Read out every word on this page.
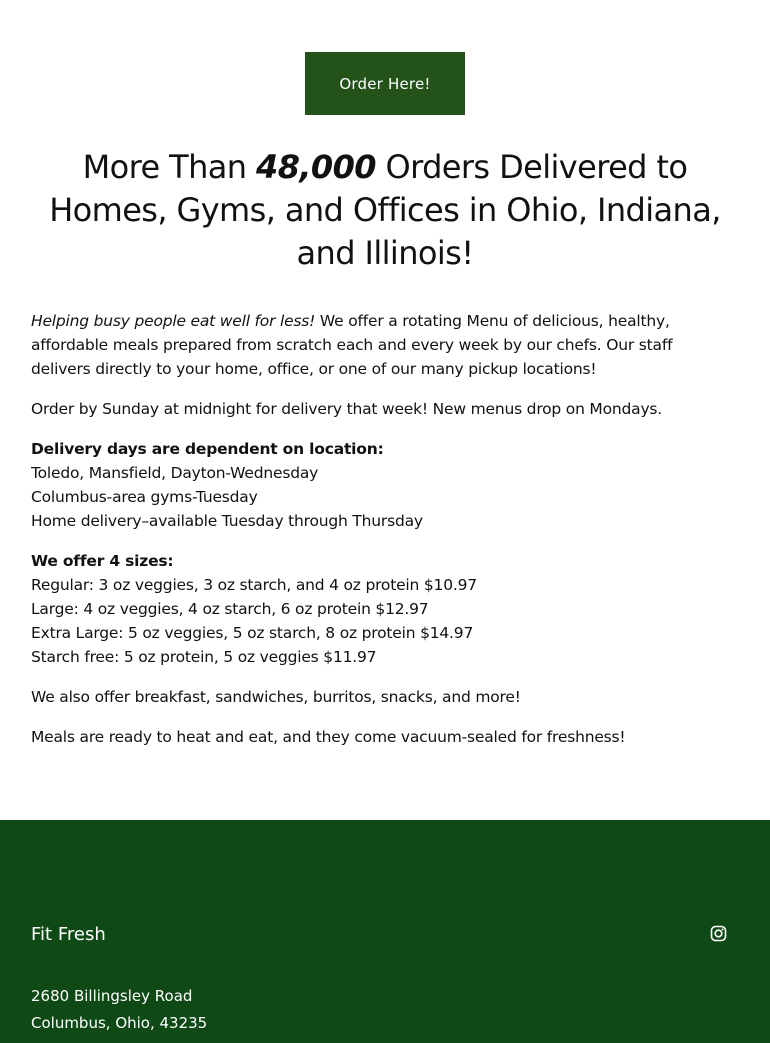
Order Here!
More Than 48,000 Orders Delivered to Homes, Gyms, and Offices in Ohio, Indiana, and Illinois!

Helping busy people eat well for less! We offer a rotating Menu of delicious, healthy, affordable meals prepared from scratch each and every week by our chefs. Our staff delivers directly to your home, office, or one of our many pickup locations!

Order by Sunday at midnight for delivery that week! New menus drop on Mondays.

Delivery days are dependent on location:
Toledo, Mansfield, Dayton-Wednesday
Columbus-area gyms-Tuesday
Home delivery–available Tuesday through Thursday

We offer 4 sizes:
Regular: 3 oz veggies, 3 oz starch, and 4 oz protein $10.97
Large: 4 oz veggies, 4 oz starch, 6 oz protein $12.97
Extra Large: 5 oz veggies, 5 oz starch, 8 oz protein $14.97
Starch free: 5 oz protein, 5 oz veggies $11.97

We also offer breakfast, sandwiches, burritos, snacks, and more!

Meals are ready to heat and eat, and they come vacuum-sealed for freshness!

Fit Fresh
2680 Billingsley Road
Columbus, Ohio, 43235
